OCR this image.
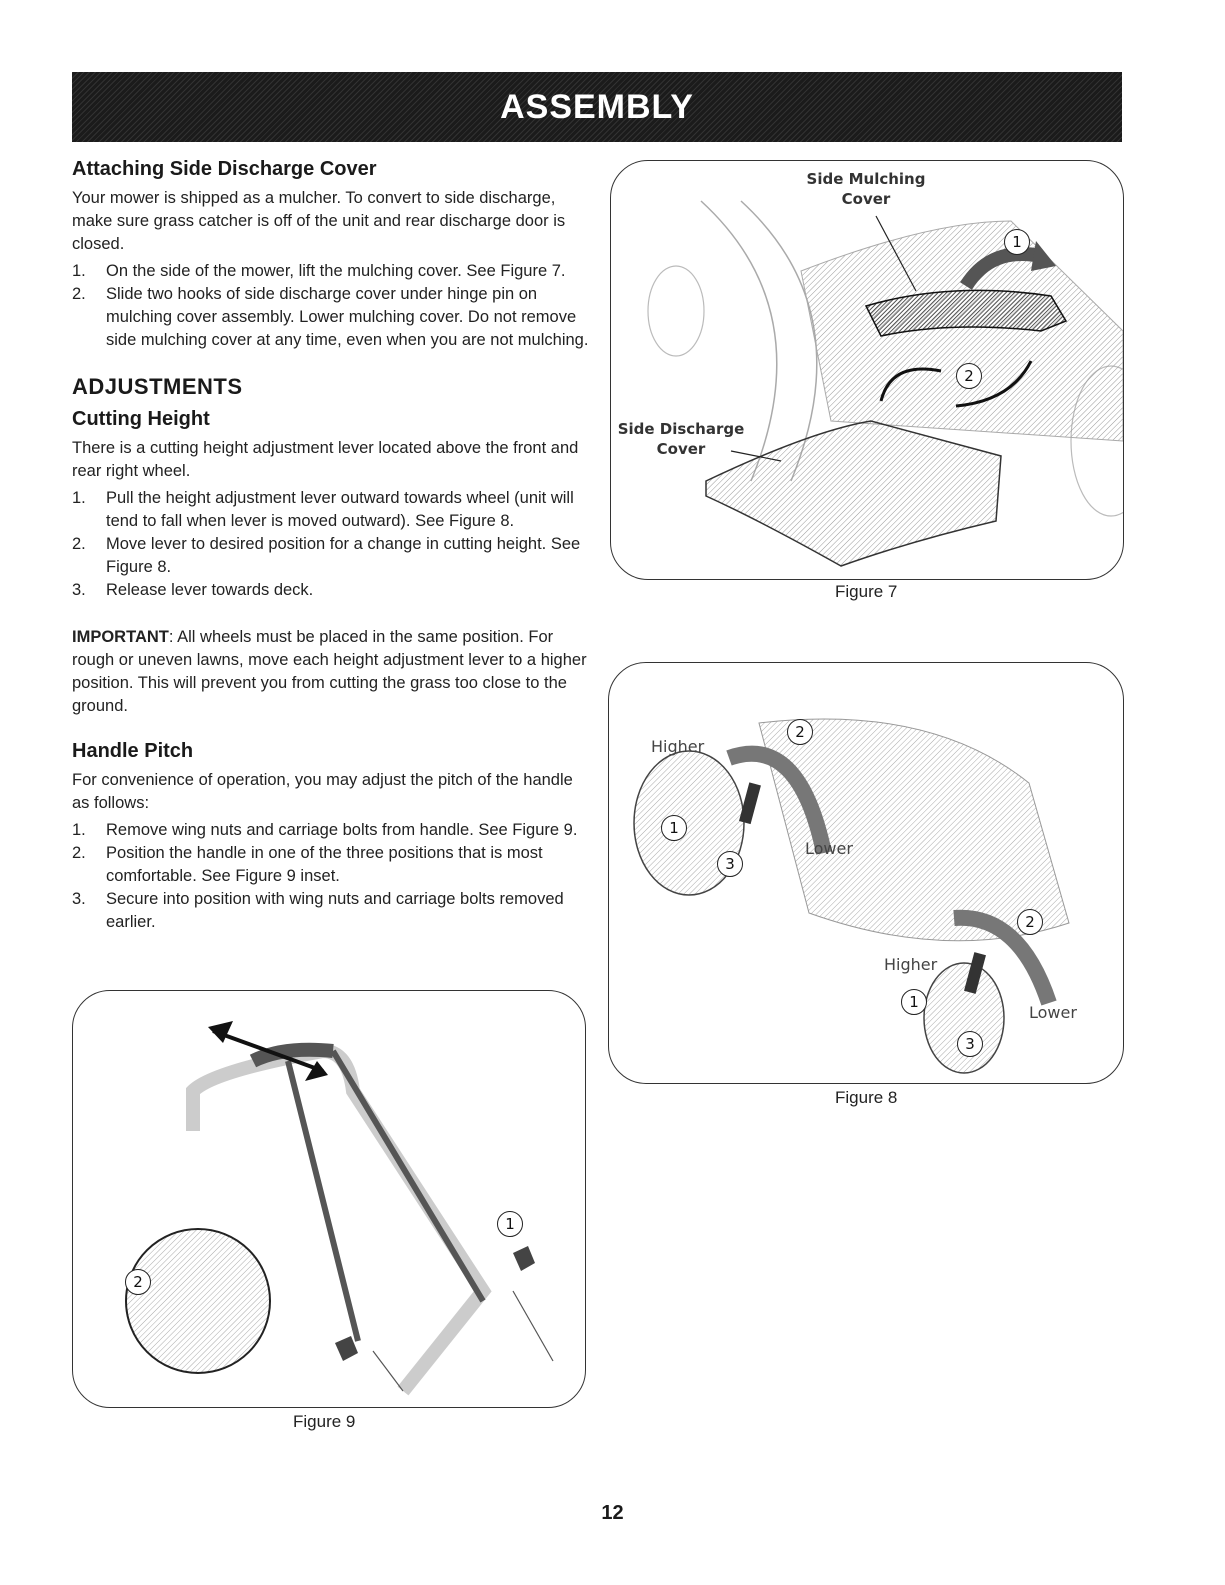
ASSEMBLY
Attaching Side Discharge Cover

Your mower is shipped as a mulcher. To convert to side discharge, make sure grass catcher is off of the unit and rear discharge door is closed.

1. On the side of the mower, lift the mulching cover. See Figure 7.
2. Slide two hooks of side discharge cover under hinge pin on mulching cover assembly. Lower mulching cover. Do not remove side mulching cover at any time, even when you are not mulching.
ADJUSTMENTS
Cutting Height

There is a cutting height adjustment lever located above the front and rear right wheel.

1. Pull the height adjustment lever outward towards wheel (unit will tend to fall when lever is moved outward). See Figure 8.
2. Move lever to desired position for a change in cutting height. See Figure 8.
3. Release lever towards deck.

IMPORTANT: All wheels must be placed in the same position. For rough or uneven lawns, move each height adjustment lever to a higher position. This will prevent you from cutting the grass too close to the ground.

Handle Pitch

For convenience of operation, you may adjust the pitch of the handle as follows:

1. Remove wing nuts and carriage bolts from handle. See Figure 9.
2. Position the handle in one of the three positions that is most comfortable. See Figure 9 inset.
3. Secure into position with wing nuts and carriage bolts removed earlier.
Side Mulching
Cover
Side Discharge
Cover
1
2
Figure 7
Higher
Lower
Higher
Lower
1
2
3
1
2
3
Figure 8
1
2
Figure 9
12
